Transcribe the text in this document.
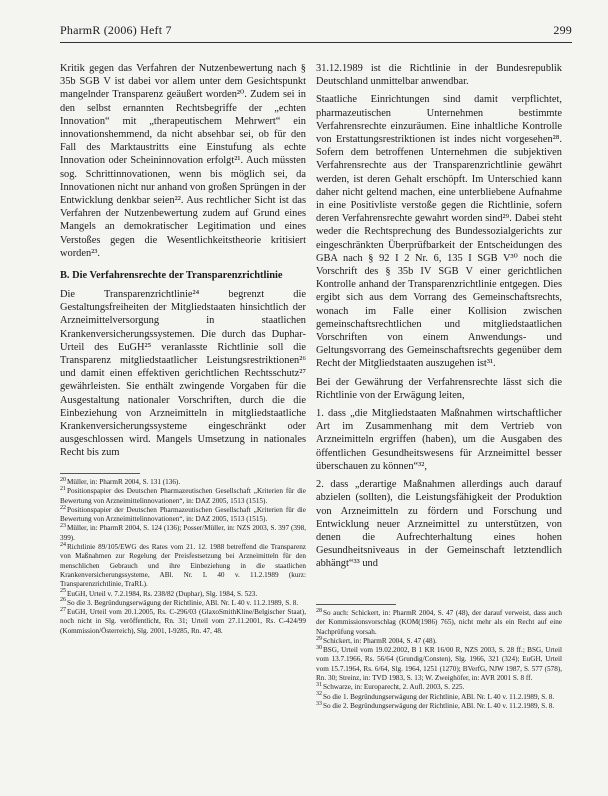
PharmR (2006) Heft 7	299

Kritik gegen das Verfahren der Nutzenbewertung nach § 35b SGB V ist dabei vor allem unter dem Gesichtspunkt mangelnder Transparenz geäußert worden²⁰. Zudem sei in den selbst ernannten Rechtsbegriffe der „echten Innovation“ mit „therapeutischem Mehrwert“ ein innovationshemmend, da nicht absehbar sei, ob für den Fall des Marktaustritts eine Einstufung als echte Innovation oder Scheininnovation erfolgt²¹. Auch müssten sog. Schrittinnovationen, wenn bis möglich sei, da Innovationen nicht nur anhand von großen Sprüngen in der Entwicklung denkbar seien²². Aus rechtlicher Sicht ist das Verfahren der Nutzenbewertung zudem auf Grund eines Mangels an demokratischer Legitimation und eines Verstoßes gegen die Wesentlichkeitstheorie kritisiert worden²³.

B. Die Verfahrensrechte der Transparenzrichtlinie

Die Transparenzrichtlinie²⁴ begrenzt die Gestaltungsfreiheiten der Mitgliedstaaten hinsichtlich der Arzneimittelversorgung in staatlichen Krankenversicherungssystemen. Die durch das Duphar-Urteil des EuGH²⁵ veranlasste Richtlinie soll die Transparenz mitgliedstaatlicher Leistungsrestriktionen²⁶ und damit einen effektiven gerichtlichen Rechtsschutz²⁷ gewährleisten. Sie enthält zwingende Vorgaben für die Ausgestaltung nationaler Vorschriften, durch die die Einbeziehung von Arzneimitteln in mitgliedstaatliche Krankenversicherungssysteme eingeschränkt oder ausgeschlossen wird. Mangels Umsetzung in nationales Recht bis zum

$^{20}$Müller, in: PharmR 2004, S. 131 (136).

$^{21}$Positionspapier des Deutschen Pharmazeutischen Gesellschaft „Kriterien für die Bewertung von Arzneimittelinnovationen“, in: DAZ 2005, 1513 (1515).

$^{22}$Positionspapier der Deutschen Pharmazeutischen Gesellschaft „Kriterien für die Bewertung von Arzneimittelinnovationen“, in: DAZ 2005, 1513 (1515).

$^{23}$Müller, in: PharmR 2004, S. 124 (136); Posser/Müller, in: NZS 2003, S. 397 (398, 399).

$^{24}$Richtlinie 89/105/EWG des Rates vom 21. 12. 1988 betreffend die Transparenz von Maßnahmen zur Regelung der Preisfestsetzung bei Arzneimitteln für den menschlichen Gebrauch und ihre Einbeziehung in die staatlichen Krankenversicherungssysteme, ABl. Nr. L 40 v. 11.2.1989 (kurz: Transparenzrichtlinie, TraRL).

$^{25}$EuGH, Urteil v. 7.2.1984, Rs. 238/82 (Duphar), Slg. 1984, S. 523.

$^{26}$So die 3. Begründungserwägung der Richtlinie, ABl. Nr. L 40 v. 11.2.1989, S. 8.

$^{27}$EuGH, Urteil vom 20.1.2005, Rs. C-296/03 (GlaxoSmithKline/Belgischer Staat), noch nicht in Slg. veröffentlicht, Rn. 31; Urteil vom 27.11.2001, Rs. C-424/99 (Kommission/Österreich), Slg. 2001, I-9285, Rn. 47, 48.

31.12.1989 ist die Richtlinie in der Bundesrepublik Deutschland unmittelbar anwendbar.

Staatliche Einrichtungen sind damit verpflichtet, pharmazeutischen Unternehmen bestimmte Verfahrensrechte einzuräumen. Eine inhaltliche Kontrolle von Erstattungsrestriktionen ist indes nicht vorgesehen²⁸. Sofern dem betroffenen Unternehmen die subjektiven Verfahrensrechte aus der Transparenzrichtlinie gewährt werden, ist deren Gehalt erschöpft. Im Unterschied kann daher nicht geltend machen, eine unterbliebene Aufnahme in eine Positivliste verstoße gegen die Richtlinie, sofern deren Verfahrensrechte gewahrt worden sind²⁹. Dabei steht weder die Rechtsprechung des Bundessozialgerichts zur eingeschränkten Überprüfbarkeit der Entscheidungen des GBA nach § 92 I 2 Nr. 6, 135 I SGB V³⁰ noch die Vorschrift des § 35b IV SGB V einer gerichtlichen Kontrolle anhand der Transparenzrichtlinie entgegen. Dies ergibt sich aus dem Vorrang des Gemeinschaftsrechts, wonach im Falle einer Kollision zwischen gemeinschaftsrechtlichen und mitgliedstaatlichen Vorschriften von einem Anwendungs- und Geltungsvorrang des Gemeinschaftsrechts gegenüber dem Recht der Mitgliedstaaten auszugehen ist³¹.

Bei der Gewährung der Verfahrensrechte lässt sich die Richtlinie von der Erwägung leiten,

1. dass „die Mitgliedstaaten Maßnahmen wirtschaftlicher Art im Zusammenhang mit dem Vertrieb von Arzneimitteln ergriffen (haben), um die Ausgaben des öffentlichen Gesundheitswesens für Arzneimittel besser überschauen zu können“³²,

2. dass „derartige Maßnahmen allerdings auch darauf abzielen (sollten), die Leistungsfähigkeit der Produktion von Arzneimitteln zu fördern und Forschung und Entwicklung neuer Arzneimittel zu unterstützen, von denen die Aufrechterhaltung eines hohen Gesundheitsniveaus in der Gemeinschaft letztendlich abhängt“³³ und

$^{28}$So auch: Schickert, in: PharmR 2004, S. 47 (48), der darauf verweist, dass auch der Kommissionsvorschlag (KOM(1986) 765), nicht mehr als ein Recht auf eine Nachprüfung vorsah.

$^{29}$Schickert, in: PharmR 2004, S. 47 (48).

$^{30}$BSG, Urteil vom 19.02.2002, B 1 KR 16/00 R, NZS 2003, S. 28 ff.; BSG, Urteil vom 13.7.1966, Rs. 56/64 (Grundig/Consten), Slg. 1966, 321 (324); EuGH, Urteil vom 15.7.1964, Rs. 6/64, Slg. 1964, 1251 (1270); BVerfG, NJW 1987, S. 577 (578), Rn. 30; Streinz, in: TVD 1983, S. 13; W. Zweighöfer, in: AVR 2001 S. 8 ff.

$^{31}$Schwarze, in: Europarecht, 2. Aufl. 2003, S. 225.

$^{32}$So die 1. Begründungserwägung der Richtlinie, ABl. Nr. L 40 v. 11.2.1989, S. 8.

$^{33}$So die 2. Begründungserwägung der Richtlinie, ABl. Nr. L 40 v. 11.2.1989, S. 8.
